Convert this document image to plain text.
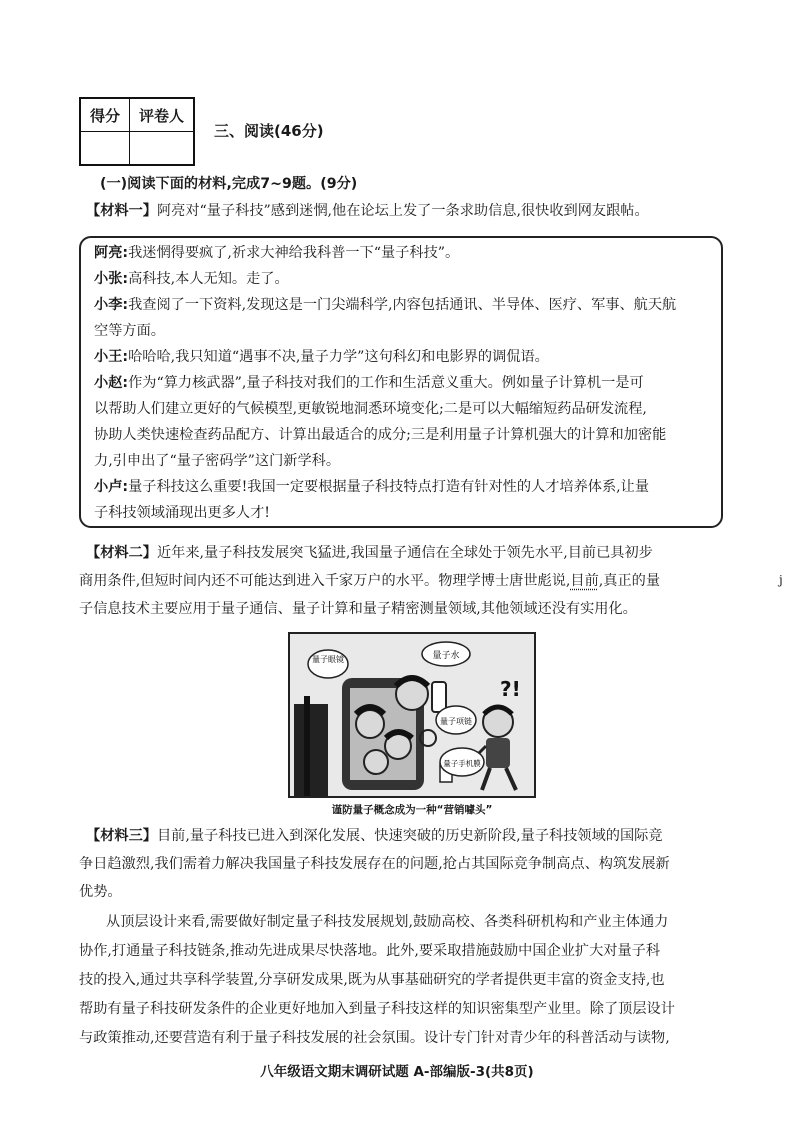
得分	评卷人

三、阅读(46分)
(一)阅读下面的材料,完成7~9题。(9分)
【材料一】阿亮对“量子科技”感到迷惘,他在论坛上发了一条求助信息,很快收到网友跟帖。
阿亮:我迷惘得要疯了,祈求大神给我科普一下“量子科技”。
小张:高科技,本人无知。走了。
小李:我查阅了一下资料,发现这是一门尖端科学,内容包括通讯、半导体、医疗、军事、航天航
空等方面。
小王:哈哈哈,我只知道“遇事不决,量子力学”这句科幻和电影界的调侃语。
小赵:作为“算力核武器”,量子科技对我们的工作和生活意义重大。例如量子计算机一是可
以帮助人们建立更好的气候模型,更敏锐地洞悉环境变化;二是可以大幅缩短药品研发流程,
协助人类快速检查药品配方、计算出最适合的成分;三是利用量子计算机强大的计算和加密能
力,引申出了“量子密码学”这门新学科。
小卢:量子科技这么重要!我国一定要根据量子科技特点打造有针对性的人才培养体系,让量
子科技领域涌现出更多人才!
【材料二】近年来,量子科技发展突飞猛进,我国量子通信在全球处于领先水平,目前已具初步
商用条件,但短时间内还不可能达到进入千家万户的水平。物理学博士唐世彪说,目前,真正的量
子信息技术主要应用于量子通信、量子计算和量子精密测量领域,其他领域还没有实用化。
j
?!
量子眼镜	量子水
量子项链
量子手机膜
谨防量子概念成为一种“营销噱头”
【材料三】目前,量子科技已进入到深化发展、快速突破的历史新阶段,量子科技领域的国际竞
争日趋激烈,我们需着力解决我国量子科技发展存在的问题,抢占其国际竞争制高点、构筑发展新
优势。
从顶层设计来看,需要做好制定量子科技发展规划,鼓励高校、各类科研机构和产业主体通力
协作,打通量子科技链条,推动先进成果尽快落地。此外,要采取措施鼓励中国企业扩大对量子科
技的投入,通过共享科学装置,分享研发成果,既为从事基础研究的学者提供更丰富的资金支持,也
帮助有量子科技研发条件的企业更好地加入到量子科技这样的知识密集型产业里。除了顶层设计
与政策推动,还要营造有利于量子科技发展的社会氛围。设计专门针对青少年的科普活动与读物,
八年级语文期末调研试题 A-部编版-3(共8页)
